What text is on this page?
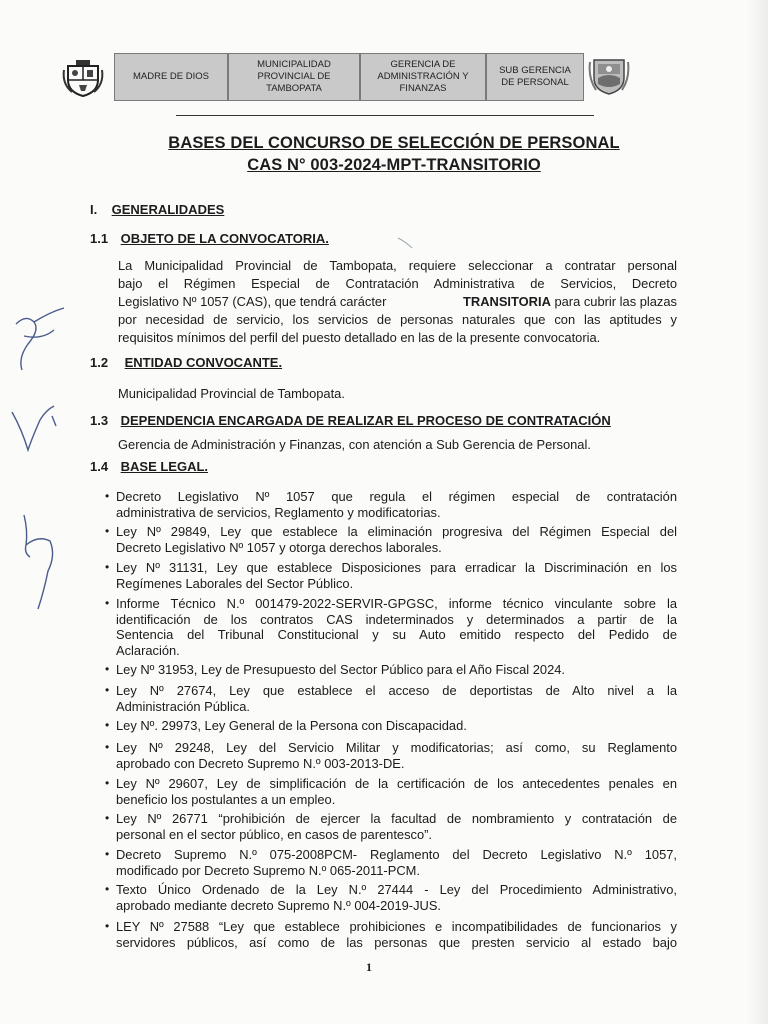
MADRE DE DIOS
MUNICIPALIDAD PROVINCIAL DE TAMBOPATA
GERENCIA DE ADMINISTRACIÓN Y FINANZAS
SUB GERENCIA DE PERSONAL
BASES DEL CONCURSO DE SELECCIÓN DE PERSONAL
CAS N° 003-2024-MPT-TRANSITORIO
I. GENERALIDADES
1.1 OBJETO DE LA CONVOCATORIA.
La Municipalidad Provincial de Tambopata, requiere seleccionar a contratar personal
bajo el Régimen Especial de Contratación Administrativa de Servicios, Decreto
Legislativo Nº 1057 (CAS), que tendrá carácter	TRANSITORIA para cubrir las plazas
por necesidad de servicio, los servicios de personas naturales que con las aptitudes y
requisitos mínimos del perfil del puesto detallado en las de la presente convocatoria.
1.2 ENTIDAD CONVOCANTE.
Municipalidad Provincial de Tambopata.
1.3 DEPENDENCIA ENCARGADA DE REALIZAR EL PROCESO DE CONTRATACIÓN
Gerencia de Administración y Finanzas, con atención a Sub Gerencia de Personal.
1.4 BASE LEGAL.
• Decreto Legislativo Nº 1057 que regula el régimen especial de contratación
administrativa de servicios, Reglamento y modificatorias.
• Ley Nº 29849, Ley que establece la eliminación progresiva del Régimen Especial del
Decreto Legislativo Nº 1057 y otorga derechos laborales.
• Ley Nº 31131, Ley que establece Disposiciones para erradicar la Discriminación en los
Regímenes Laborales del Sector Público.
• Informe Técnico N.º 001479-2022-SERVIR-GPGSC, informe técnico vinculante sobre la
identificación de los contratos CAS indeterminados y determinados a partir de la
Sentencia del Tribunal Constitucional y su Auto emitido respecto del Pedido de
Aclaración.
• Ley Nº 31953, Ley de Presupuesto del Sector Público para el Año Fiscal 2024.
• Ley Nº 27674, Ley que establece el acceso de deportistas de Alto nivel a la
Administración Pública.
• Ley Nº. 29973, Ley General de la Persona con Discapacidad.
• Ley Nº 29248, Ley del Servicio Militar y modificatorias; así como, su Reglamento
aprobado con Decreto Supremo N.º 003-2013-DE.
• Ley Nº 29607, Ley de simplificación de la certificación de los antecedentes penales en
beneficio los postulantes a un empleo.
• Ley Nº 26771 “prohibición de ejercer la facultad de nombramiento y contratación de
personal en el sector público, en casos de parentesco”.
• Decreto Supremo N.º 075-2008PCM- Reglamento del Decreto Legislativo N.º 1057,
modificado por Decreto Supremo N.º 065-2011-PCM.
• Texto Único Ordenado de la Ley N.º 27444 - Ley del Procedimiento Administrativo,
aprobado mediante decreto Supremo N.º 004-2019-JUS.
• LEY Nº 27588 “Ley que establece prohibiciones e incompatibilidades de funcionarios y
servidores públicos, así como de las personas que presten servicio al estado bajo
1
